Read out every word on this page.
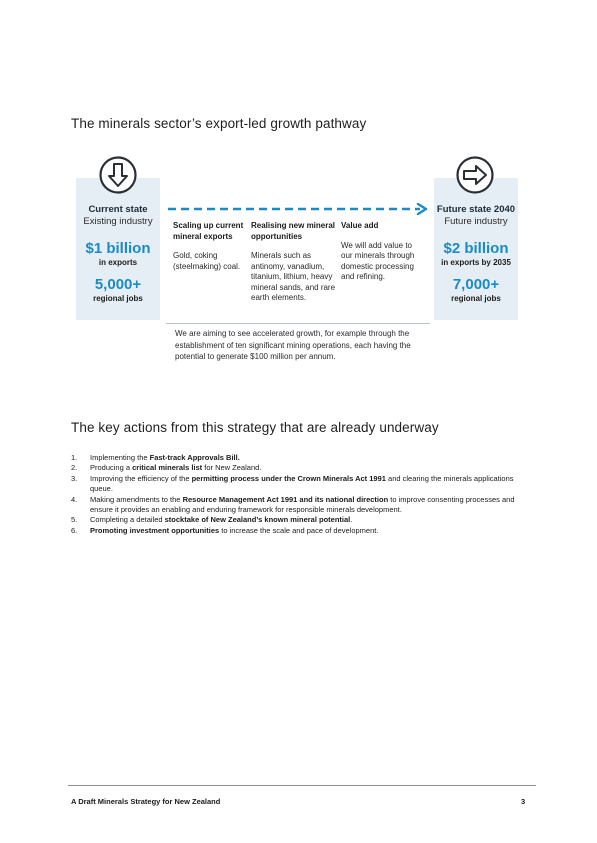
The minerals sector’s export-led growth pathway
Current state
Existing industry
$1 billion
in exports
5,000+
regional jobs
Future state 2040
Future industry
$2 billion
in exports by 2035
7,000+
regional jobs
Scaling up current mineral exports
Gold, coking (steelmaking) coal.
Realising new mineral opportunities
Minerals such as antinomy, vanadium, titanium, lithium, heavy mineral sands, and rare earth elements.
Value add
We will add value to our minerals through domestic processing and refining.
We are aiming to see accelerated growth, for example through the establishment of ten significant mining operations, each having the potential to generate $100 million per annum.
The key actions from this strategy that are already underway
1.	Implementing the Fast-track Approvals Bill.
2.	Producing a critical minerals list for New Zealand.
3.	Improving the efficiency of the permitting process under the Crown Minerals Act 1991 and clearing the minerals applications queue.
4.	Making amendments to the Resource Management Act 1991 and its national direction to improve consenting processes and ensure it provides an enabling and enduring framework for responsible minerals development.
5.	Completing a detailed stocktake of New Zealand’s known mineral potential.
6.	Promoting investment opportunities to increase the scale and pace of development.
A Draft Minerals Strategy for New Zealand	3
